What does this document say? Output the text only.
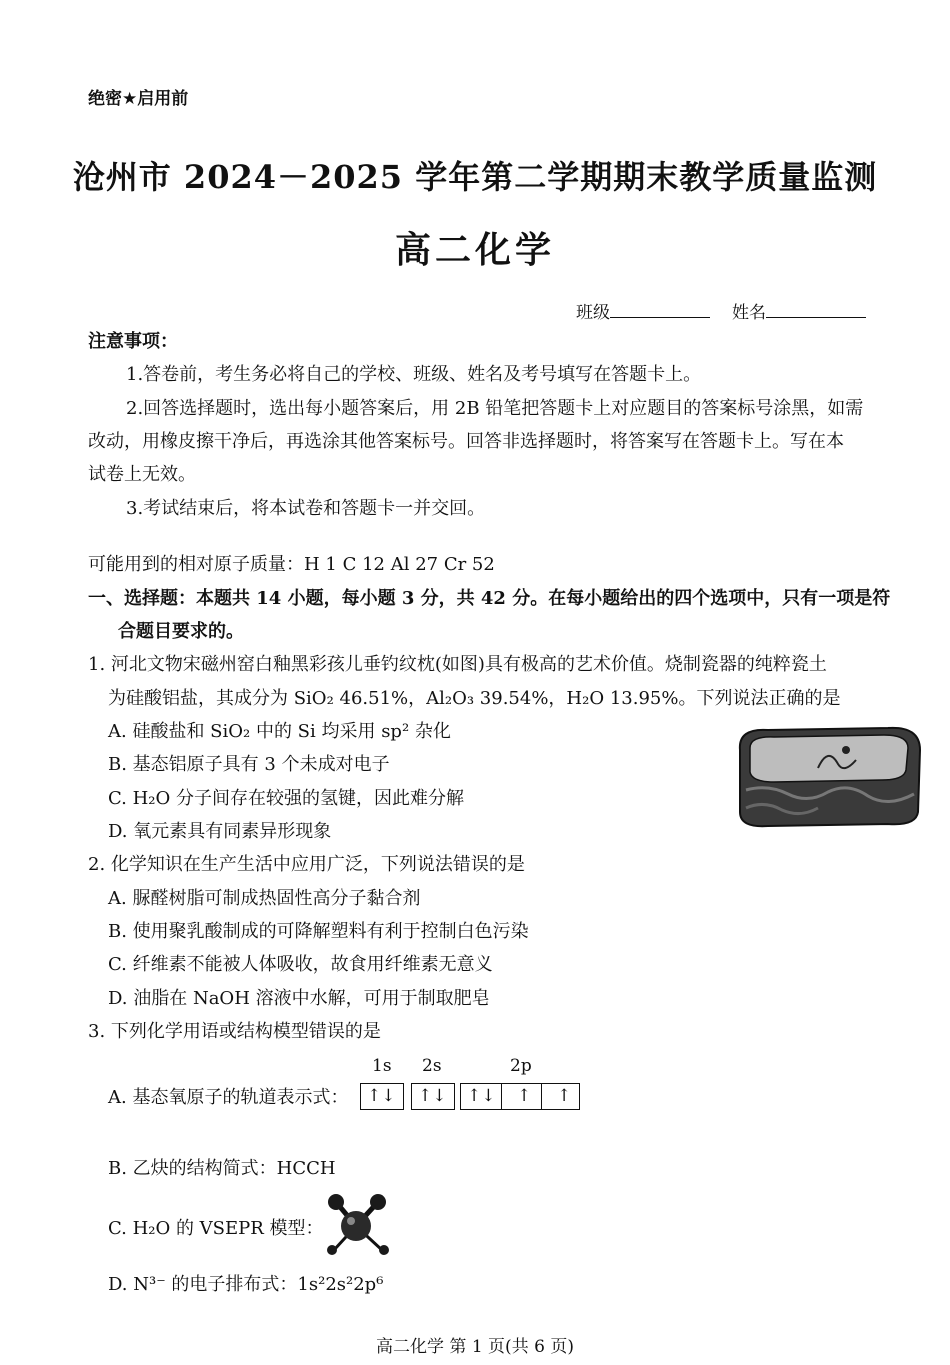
绝密★启用前
沧州市 2024－2025 学年第二学期期末教学质量监测
高二化学
班级	姓名
注意事项：
1.答卷前，考生务必将自己的学校、班级、姓名及考号填写在答题卡上。
2.回答选择题时，选出每小题答案后，用 2B 铅笔把答题卡上对应题目的答案标号涂黑，如需
改动，用橡皮擦干净后，再选涂其他答案标号。回答非选择题时，将答案写在答题卡上。写在本
试卷上无效。
3.考试结束后，将本试卷和答题卡一并交回。
可能用到的相对原子质量：H 1 C 12 Al 27 Cr 52
一、选择题：本题共 14 小题，每小题 3 分，共 42 分。在每小题给出的四个选项中，只有一项是符
合题目要求的。
1. 河北文物宋磁州窑白釉黑彩孩儿垂钓纹枕(如图)具有极高的艺术价值。烧制瓷器的纯粹瓷土
为硅酸铝盐，其成分为 SiO₂ 46.51%，Al₂O₃ 39.54%，H₂O 13.95%。下列说法正确的是
A. 硅酸盐和 SiO₂ 中的 Si 均采用 sp² 杂化
B. 基态铝原子具有 3 个未成对电子
C. H₂O 分子间存在较强的氢键，因此难分解
D. 氧元素具有同素异形现象
2. 化学知识在生产生活中应用广泛，下列说法错误的是
A. 脲醛树脂可制成热固性高分子黏合剂
B. 使用聚乳酸制成的可降解塑料有利于控制白色污染
C. 纤维素不能被人体吸收，故食用纤维素无意义
D. 油脂在 NaOH 溶液中水解，可用于制取肥皂
3. 下列化学用语或结构模型错误的是
1s 2s	2p
A. 基态氧原子的轨道表示式： ↑↓ ↑↓ ↑↓ ↑ ↑
B. 乙炔的结构简式：HCCH
C. H₂O 的 VSEPR 模型：
D. N³⁻ 的电子排布式：1s²2s²2p⁶
高二化学 第 1 页(共 6 页)
